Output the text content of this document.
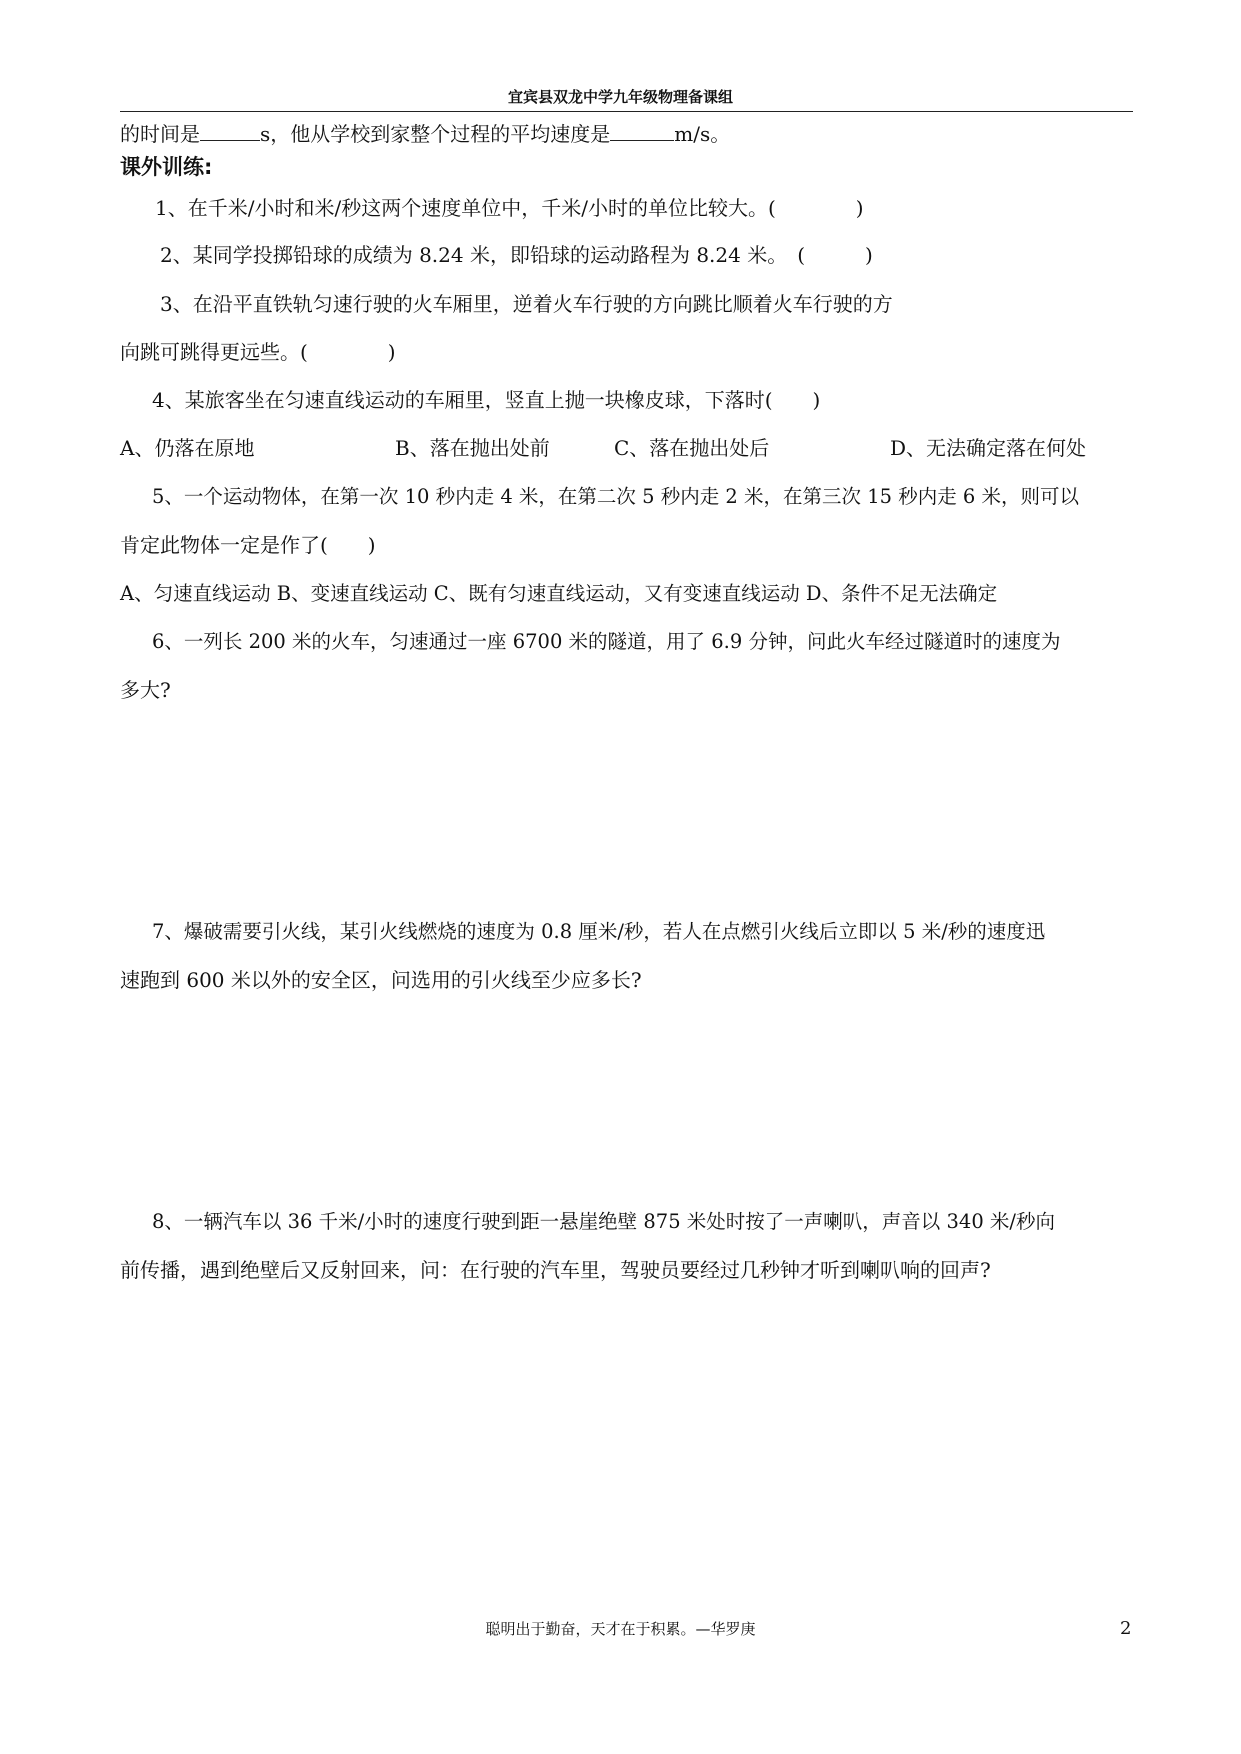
宜宾县双龙中学九年级物理备课组
的时间是	s，他从学校到家整个过程的平均速度是	m/s。
课外训练:
1、在千米/小时和米/秒这两个速度单位中，千米/小时的单位比较大。(　　　　)
2、某同学投掷铅球的成绩为 8.24 米，即铅球的运动路程为 8.24 米。　(　　　)
3、在沿平直铁轨匀速行驶的火车厢里，逆着火车行驶的方向跳比顺着火车行驶的方
向跳可跳得更远些。(　　　　)
4、某旅客坐在匀速直线运动的车厢里，竖直上抛一块橡皮球，下落时(　　)
A、仍落在原地	B、落在抛出处前	C、落在抛出处后	D、无法确定落在何处
5、一个运动物体，在第一次 10 秒内走 4 米，在第二次 5 秒内走 2 米，在第三次 15 秒内走 6 米，则可以
肯定此物体一定是作了(　　)
A、匀速直线运动 B、变速直线运动 C、既有匀速直线运动，又有变速直线运动 D、条件不足无法确定
6、一列长 200 米的火车，匀速通过一座 6700 米的隧道，用了 6.9 分钟，问此火车经过隧道时的速度为
多大?
7、爆破需要引火线，某引火线燃烧的速度为 0.8 厘米/秒，若人在点燃引火线后立即以 5 米/秒的速度迅
速跑到 600 米以外的安全区，问选用的引火线至少应多长?
8、一辆汽车以 36 千米/小时的速度行驶到距一悬崖绝壁 875 米处时按了一声喇叭，声音以 340 米/秒向
前传播，遇到绝壁后又反射回来，问：在行驶的汽车里，驾驶员要经过几秒钟才听到喇叭响的回声?
聪明出于勤奋，天才在于积累。—华罗庚	2
